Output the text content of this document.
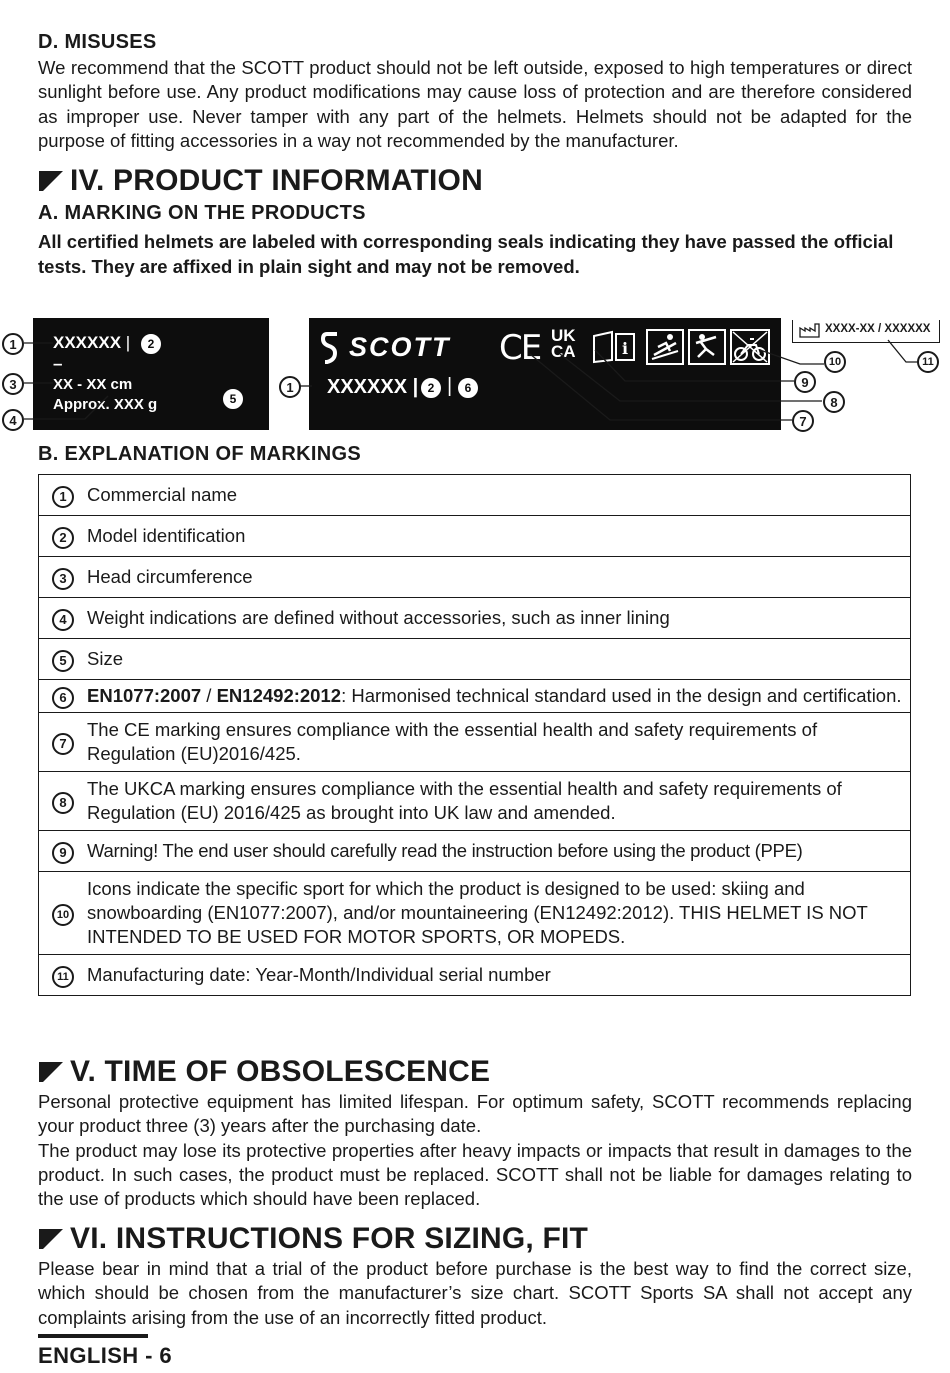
D. MISUSES

We recommend that the SCOTT product should not be left outside, exposed to high temperatures or direct sunlight before use. Any product modifications may cause loss of protection and are therefore considered as improper use. Never tamper with any part of the helmets. Helmets should not be adapted for the purpose of fitting accessories in a way not recommended by the manufacturer.

IV. PRODUCT INFORMATION
A. MARKING ON THE PRODUCTS

All certified helmets are labeled with corresponding seals indicating they have passed the official tests. They are affixed in plain sight and may not be removed.

XXXXXX |	2
–
XX - XX cm
Approx. XXX g	5
SCOTT CE UK
CA	i
XXXXXX | 2 |	6
XXXX-XX / XXXXXX
1
3
4
1
10	11
9
8
7
B. EXPLANATION OF MARKINGS
1	Commercial name
2	Model identification
3	Head circumference
4	Weight indications are defined without accessories, such as inner lining
5	Size
6	EN1077:2007 / EN12492:2012: Harmonised technical standard used in the design and certification.
7	The CE marking ensures compliance with the essential health and safety requirements of Regulation (EU)2016/425.
8	The UKCA marking ensures compliance with the essential health and safety requirements of Regulation (EU) 2016/425 as brought into UK law and amended.
9	Warning! The end user should carefully read the instruction before using the product (PPE)
10	Icons indicate the specific sport for which the product is designed to be used: skiing and snowboarding (EN1077:2007), and/or mountaineering (EN12492:2012). THIS HELMET IS NOT INTENDED TO BE USED FOR MOTOR SPORTS, OR MOPEDS.
11	Manufacturing date: Year-Month/Individual serial number
V. TIME OF OBSOLESCENCE

Personal protective equipment has limited lifespan. For optimum safety, SCOTT recommends replacing your product three (3) years after the purchasing date.

The product may lose its protective properties after heavy impacts or impacts that result in damages to the product. In such cases, the product must be replaced. SCOTT shall not be liable for damages relating to the use of products which should have been replaced.

VI. INSTRUCTIONS FOR SIZING, FIT

Please bear in mind that a trial of the product before purchase is the best way to find the correct size, which should be chosen from the manufacturer’s size chart. SCOTT Sports SA shall not accept any complaints arising from the use of an incorrectly fitted product.

ENGLISH - 6
